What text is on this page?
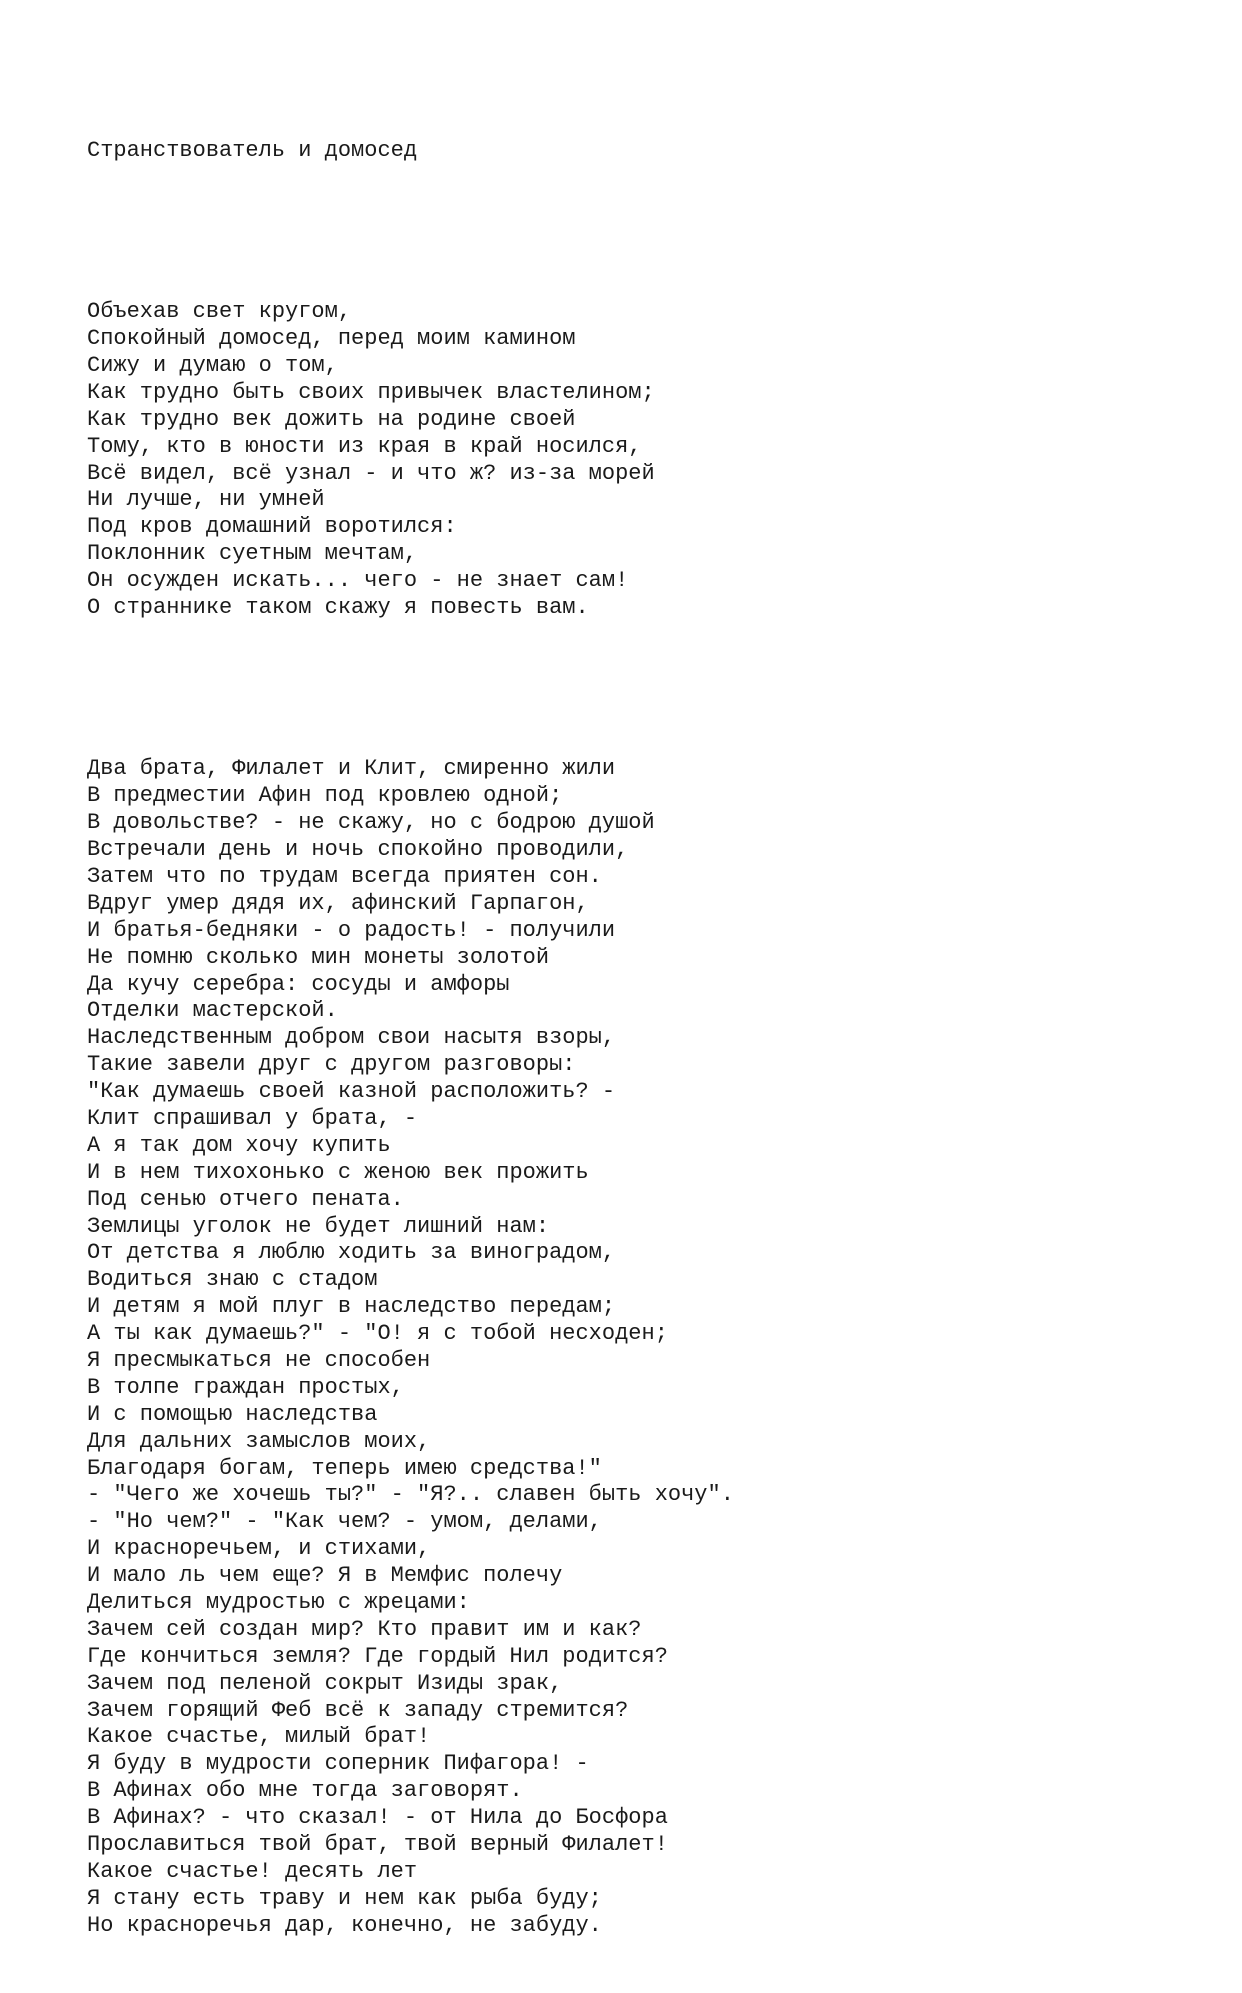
Странствователь и домосед

Объехав свет кругом,
Спокойный домосед, перед моим камином
Сижу и думаю о том,
Как трудно быть своих привычек властелином;
Как трудно век дожить на родине своей
Тому, кто в юности из края в край носился,
Всё видел, всё узнал - и что ж? из-за морей
Ни лучше, ни умней
Под кров домашний воротился:
Поклонник суетным мечтам,
Он осужден искать... чего - не знает сам!
О страннике таком скажу я повесть вам.

Два брата, Филалет и Клит, смиренно жили
В предместии Афин под кровлею одной;
В довольстве? - не скажу, но с бодрою душой
Встречали день и ночь спокойно проводили,
Затем что по трудам всегда приятен сон.
Вдруг умер дядя их, афинский Гарпагон,
И братья-бедняки - о радость! - получили
Не помню сколько мин монеты золотой
Да кучу серебра: сосуды и амфоры
Отделки мастерской.
Наследственным добром свои насытя взоры,
Такие завели друг с другом разговоры:
"Как думаешь своей казной расположить? -
Клит спрашивал у брата, -
А я так дом хочу купить
И в нем тихохонько с женою век прожить
Под сенью отчего пената.
Землицы уголок не будет лишний нам:
От детства я люблю ходить за виноградом,
Водиться знаю с стадом
И детям я мой плуг в наследство передам;
А ты как думаешь?" - "О! я с тобой несходен;
Я пресмыкаться не способен
В толпе граждан простых,
И с помощью наследства
Для дальних замыслов моих,
Благодаря богам, теперь имею средства!"
- "Чего же хочешь ты?" - "Я?.. славен быть хочу".
- "Но чем?" - "Как чем? - умом, делами,
И красноречьем, и стихами,
И мало ль чем еще? Я в Мемфис полечу
Делиться мудростью с жрецами:
Зачем сей создан мир? Кто правит им и как?
Где кончиться земля? Где гордый Нил родится?
Зачем под пеленой сокрыт Изиды зрак,
Зачем горящий Феб всё к западу стремится?
Какое счастье, милый брат!
Я буду в мудрости соперник Пифагора! -
В Афинах обо мне тогда заговорят.
В Афинах? - что сказал! - от Нила до Босфора
Прославиться твой брат, твой верный Филалет!
Какое счастье! десять лет
Я стану есть траву и нем как рыба буду;
Но красноречья дар, конечно, не забуду.
